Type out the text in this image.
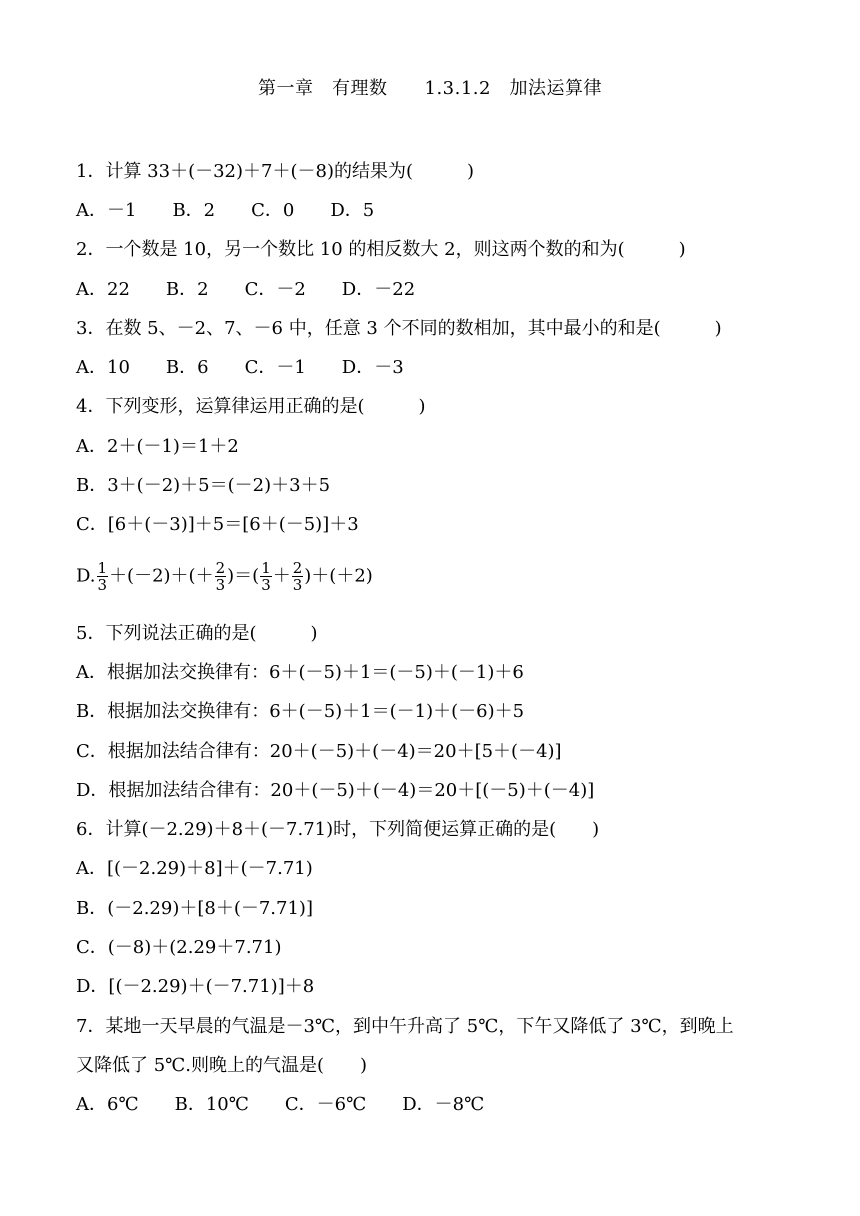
第一章　有理数　　1.3.1.2　加法运算律
1．计算 33＋(－32)＋7＋(－8)的结果为(　　　)
A．－1　　B．2　　C．0　　D．5
2．一个数是 10，另一个数比 10 的相反数大 2，则这两个数的和为(　　　)
A．22　　B．2　　C．－2　　D．－22
3．在数 5、－2、7、－6 中，任意 3 个不同的数相加，其中最小的和是(　　　)
A．10　　B．6　　C．－1　　D．－3
4．下列变形，运算律运用正确的是(　　　)
A．2＋(－1)＝1＋2
B．3＋(－2)＋5＝(－2)＋3＋5
C．[6＋(－3)]＋5＝[6＋(－5)]＋3
D. $\frac{1}{3} +(-2)+(+ \frac{2}{3}$ )＝( $\frac{1}{3} + \frac{2}{3} )+(+2)$
5．下列说法正确的是(　　　)
A．根据加法交换律有：6＋(－5)＋1＝(－5)＋(－1)＋6
B．根据加法交换律有：6＋(－5)＋1＝(－1)＋(－6)＋5
C．根据加法结合律有：20＋(－5)＋(－4)＝20＋[5＋(－4)]
D．根据加法结合律有：20＋(－5)＋(－4)＝20＋[(－5)＋(－4)]
6．计算(－2.29)＋8＋(－7.71)时，下列简便运算正确的是(　　)
A．[(－2.29)＋8]＋(－7.71)
B．(－2.29)＋[8＋(－7.71)]
C．(－8)＋(2.29＋7.71)
D．[(－2.29)＋(－7.71)]＋8
7．某地一天早晨的气温是－3℃，到中午升高了 5℃，下午又降低了 3℃，到晚上
又降低了 5℃.则晚上的气温是(　　)
A．6℃　　B．10℃　　C．－6℃　　D．－8℃
